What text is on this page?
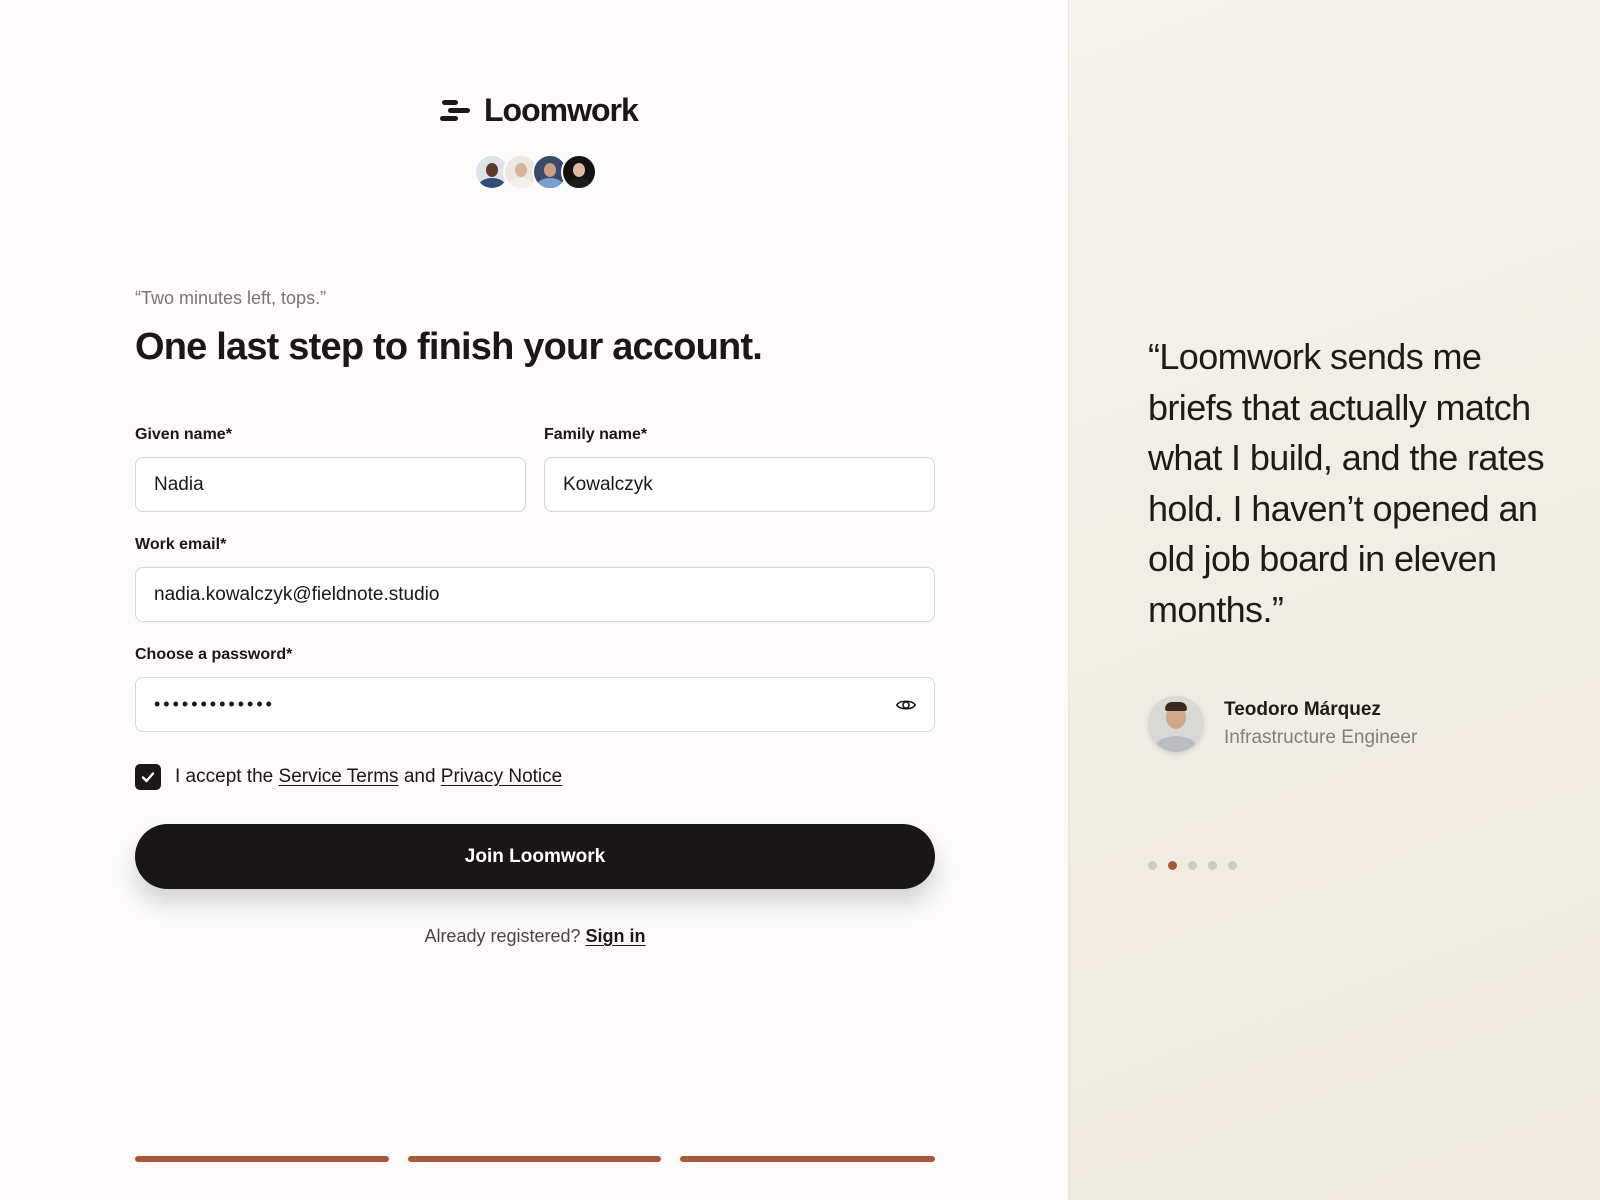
Loomwork
“Two minutes left, tops.”
One last step to finish your account.
Given name*
Nadia	Family name*
Kowalczyk
Work email*
nadia.kowalczyk@fieldnote.studio
Choose a password*
•••••••••••••
I accept the Service Terms and Privacy Notice
Join Loomwork
Already registered? Sign in
“Loomwork sends me briefs that actually match what I build, and the rates hold. I haven’t opened an old job board in eleven months.”
Teodoro Márquez
Infrastructure Engineer
